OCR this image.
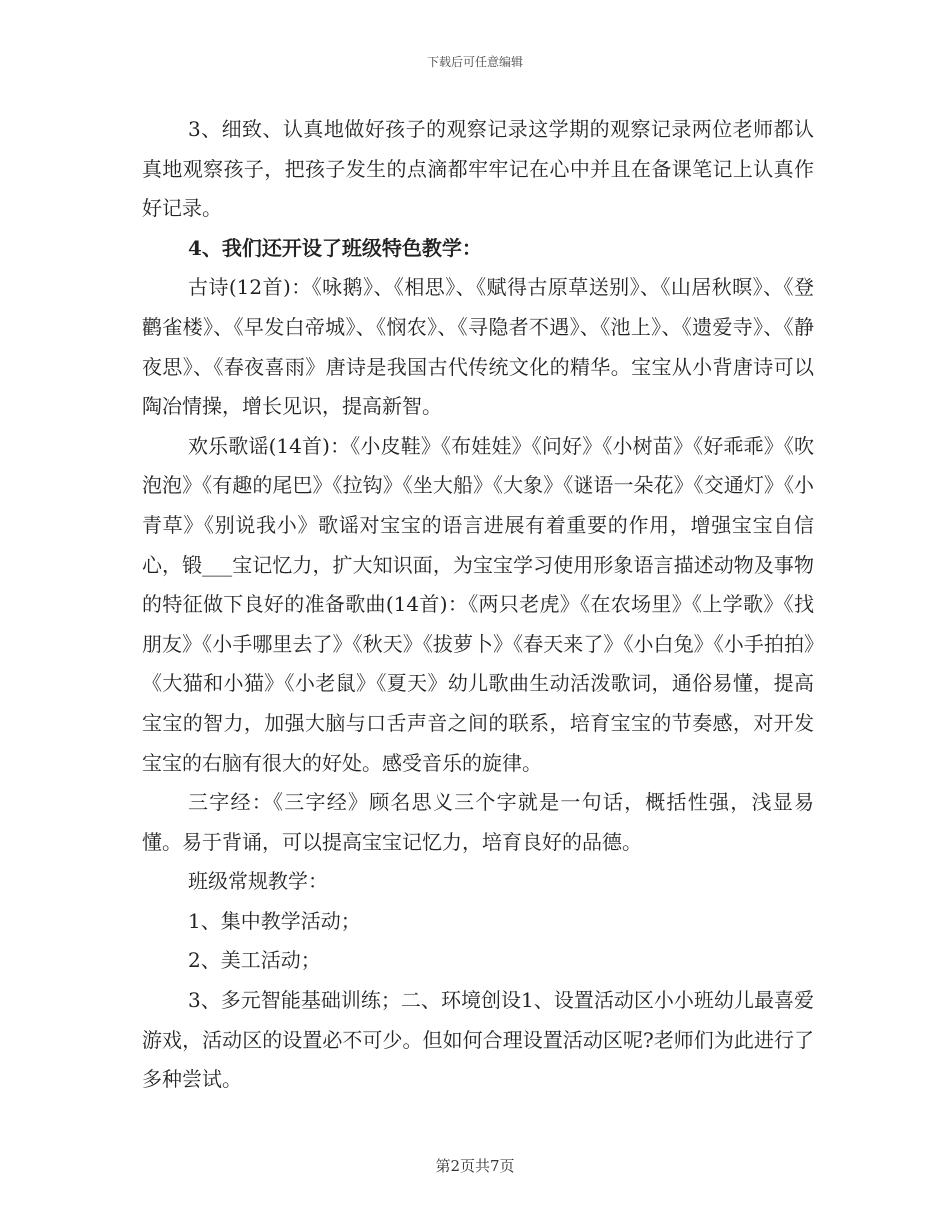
下载后可任意编辑

3、细致、认真地做好孩子的观察记录这学期的观察记录两位老师都认真地观察孩子，把孩子发生的点滴都牢牢记在心中并且在备课笔记上认真作好记录。

4、我们还开设了班级特色教学：

古诗(12首)：《咏鹅》、《相思》、《赋得古原草送别》、《山居秋暝》、《登鹳雀楼》、《早发白帝城》、《悯农》、《寻隐者不遇》、《池上》、《遗爱寺》、《静夜思》、《春夜喜雨》唐诗是我国古代传统文化的精华。宝宝从小背唐诗可以陶冶情操，增长见识，提高新智。

欢乐歌谣(14首)：《小皮鞋》《布娃娃》《问好》《小树苗》《好乖乖》《吹泡泡》《有趣的尾巴》《拉钩》《坐大船》《大象》《谜语一朵花》《交通灯》《小青草》《别说我小》歌谣对宝宝的语言进展有着重要的作用，增强宝宝自信心，锻___宝记忆力，扩大知识面，为宝宝学习使用形象语言描述动物及事物的特征做下良好的准备歌曲(14首)：《两只老虎》《在农场里》《上学歌》《找朋友》《小手哪里去了》《秋天》《拔萝卜》《春天来了》《小白兔》《小手拍拍》《大猫和小猫》《小老鼠》《夏天》幼儿歌曲生动活泼歌词，通俗易懂，提高宝宝的智力，加强大脑与口舌声音之间的联系，培育宝宝的节奏感，对开发宝宝的右脑有很大的好处。感受音乐的旋律。

三字经：《三字经》顾名思义三个字就是一句话，概括性强，浅显易懂。易于背诵，可以提高宝宝记忆力，培育良好的品德。

班级常规教学：

1、集中教学活动；

2、美工活动；

3、多元智能基础训练；二、环境创设1、设置活动区小小班幼儿最喜爱游戏，活动区的设置必不可少。但如何合理设置活动区呢?老师们为此进行了多种尝试。

第2页共7页
